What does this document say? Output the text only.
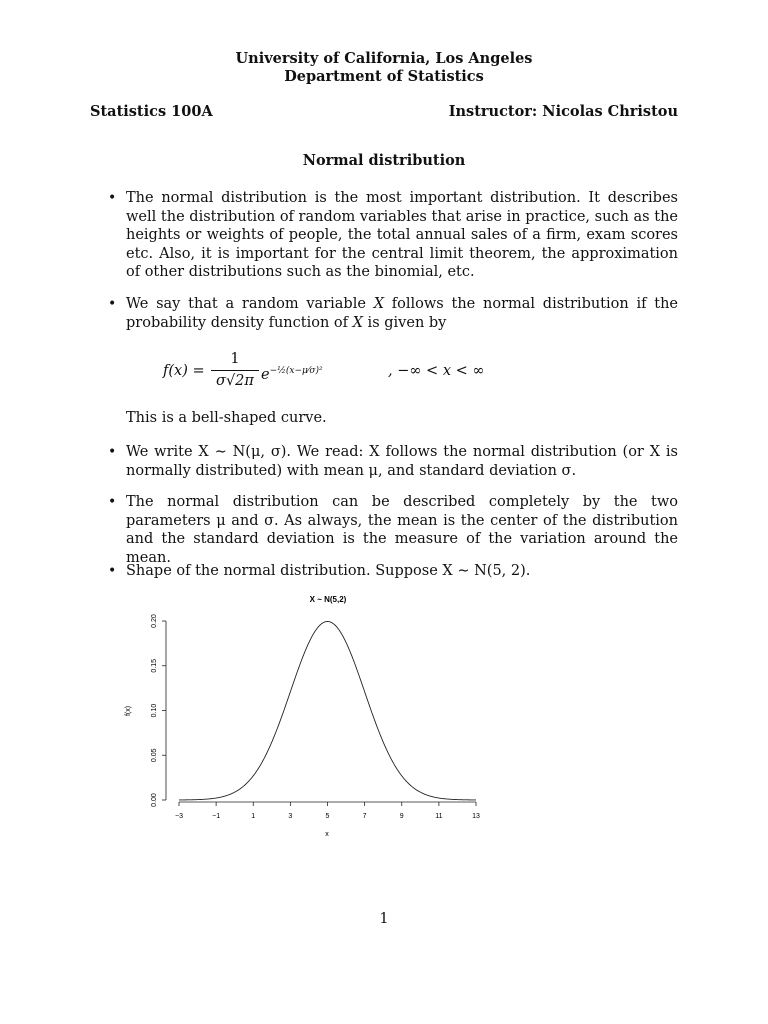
University of California, Los Angeles
Department of Statistics
Statistics 100A	Instructor: Nicolas Christou
Normal distribution
• The normal distribution is the most important distribution. It describes well the distribution of random variables that arise in practice, such as the heights or weights of people, the total annual sales of a firm, exam scores etc. Also, it is important for the central limit theorem, the approximation of other distributions such as the binomial, etc.
• We say that a random variable X follows the normal distribution if the probability density function of X is given by
f(x) =
1
σ√2π $e^{-\frac{1}{2}(x-\mu⁄\sigma)^2}$	, −∞ < x < ∞
This is a bell-shaped curve.
• We write X ∼ N(μ, σ). We read: X follows the normal distribution (or X is normally distributed) with mean μ, and standard deviation σ.
• The normal distribution can be described completely by the two parameters μ and σ. As always, the mean is the center of the distribution and the standard deviation is the measure of the variation around the mean.
• Shape of the normal distribution. Suppose X ∼ N(5, 2).
X ~ N(5,2)
0.00
0.05
0.10
0.15
0.20
−3	−1	1	3	5	7	9	11	13
f(x)
x
1
